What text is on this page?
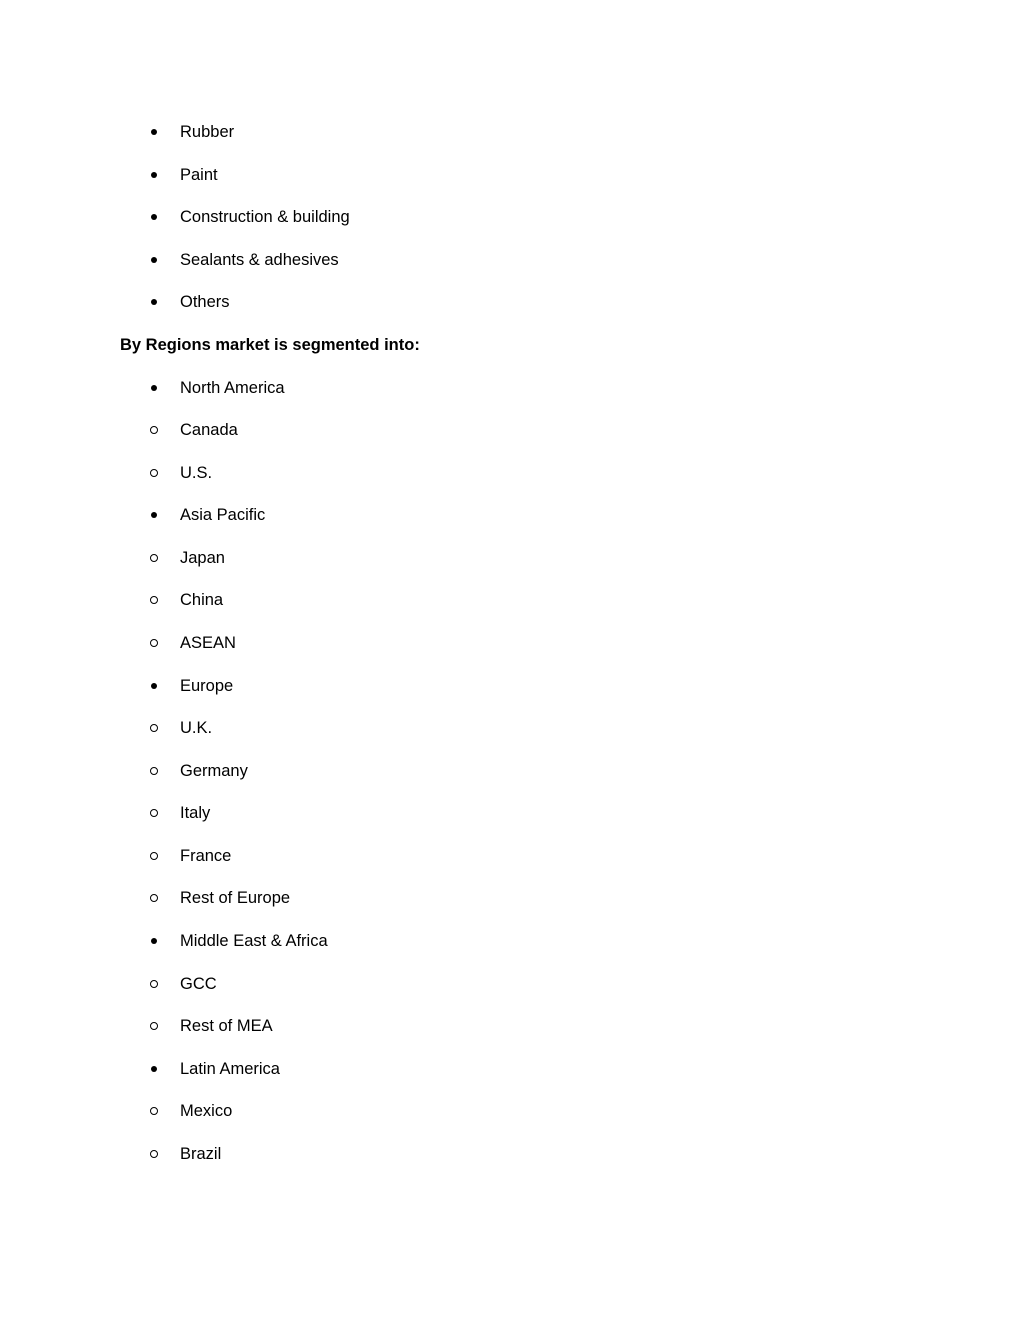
Rubber
Paint
Construction & building
Sealants & adhesives
Others
By Regions market is segmented into:
North America
Canada
U.S.
Asia Pacific
Japan
China
ASEAN
Europe
U.K.
Germany
Italy
France
Rest of Europe
Middle East & Africa
GCC
Rest of MEA
Latin America
Mexico
Brazil
